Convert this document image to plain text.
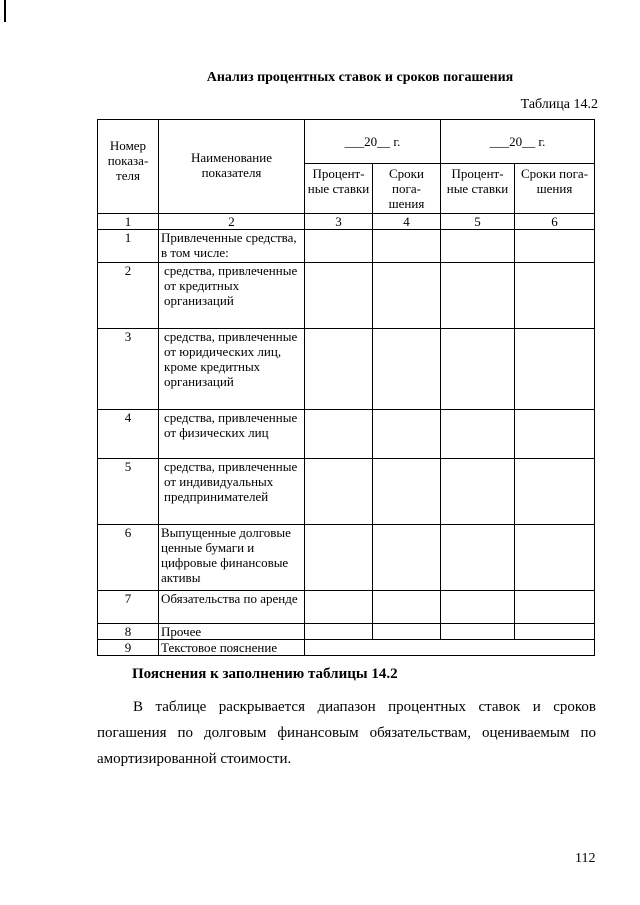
Анализ процентных ставок и сроков погашения
Таблица 14.2
Номер показа-теля	Наименование показателя	___20__ г.		___20__ г.	
		Процент-ные ставки	Сроки пога-шения	Процент-ные ставки	Сроки пога-шения
1	2	3	4	5	6
1	Привлеченные средства, в том числе:				
2	средства, привлеченные от кредитных организаций				
3	средства, привлеченные от юридических лиц, кроме кредитных организаций				
4	средства, привлеченные от физических лиц				
5	средства, привлеченные от индивидуальных предпринимателей				
6	Выпущенные долговые ценные бумаги и цифровые финансовые активы				
7	Обязательства по аренде				
8	Прочее				
9	Текстовое пояснение				
Пояснения к заполнению таблицы 14.2

В таблице раскрывается диапазон процентных ставок и сроков погашения по долговым финансовым обязательствам, оцениваемым по амортизированной стоимости.

112
